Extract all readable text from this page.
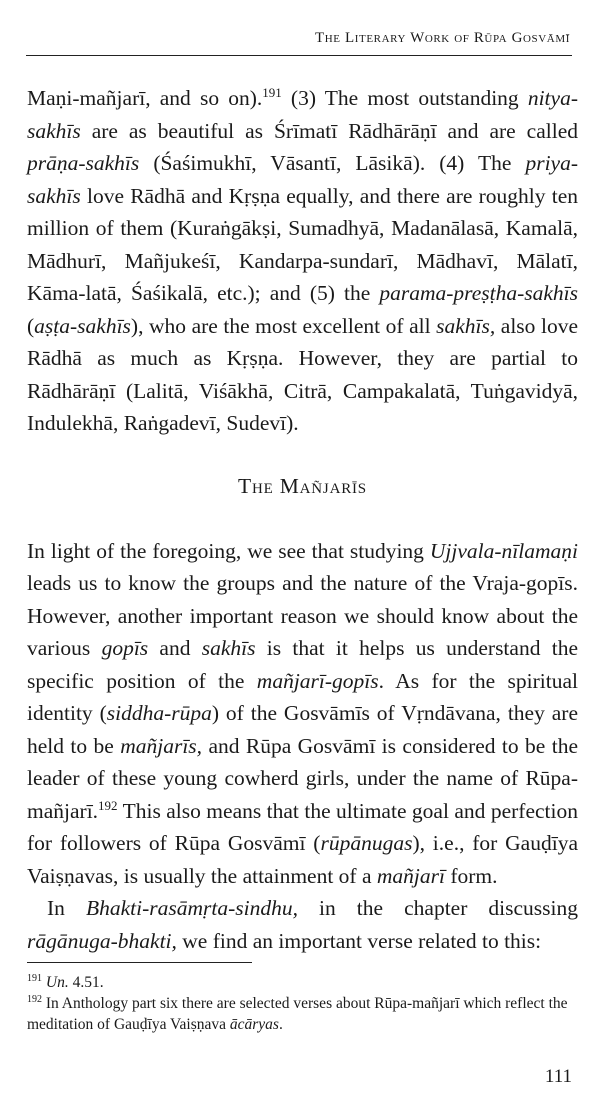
The Literary Work of Rūpa Gosvāmī

Maṇi-mañjarī, and so on).$^{191}$ (3) The most outstanding nitya-sakhīs are as beautiful as Śrīmatī Rādhārāṇī and are called prāṇa-sakhīs (Śaśimukhī, Vāsantī, Lāsikā). (4) The priya-sakhīs love Rādhā and Kṛṣṇa equally, and there are roughly ten million of them (Kuraṅgākṣi, Sumadhyā, Madanālasā, Kamalā, Mādhurī, Mañjukeśī, Kandarpa-sundarī, Mādhavī, Mālatī, Kāma-latā, Śaśikalā, etc.); and (5) the parama-preṣṭha-sakhīs (aṣṭa-sakhīs), who are the most excellent of all sakhīs, also love Rādhā as much as Kṛṣṇa. However, they are partial to Rādhārāṇī (Lalitā, Viśākhā, Citrā, Campakalatā, Tuṅgavidyā, Indulekhā, Raṅgadevī, Sudevī).

The Mañjarīs

In light of the foregoing, we see that studying Ujjvala-nīlamaṇi leads us to know the groups and the nature of the Vraja-gopīs. However, another important reason we should know about the various gopīs and sakhīs is that it helps us understand the specific position of the mañjarī-gopīs. As for the spiritual identity (siddha-rūpa) of the Gosvāmīs of Vṛndāvana, they are held to be mañjarīs, and Rūpa Gosvāmī is considered to be the leader of these young cowherd girls, under the name of Rūpa-mañjarī.$^{192}$ This also means that the ultimate goal and perfection for followers of Rūpa Gosvāmī (rūpānugas), i.e., for Gauḍīya Vaiṣṇavas, is usually the attainment of a mañjarī form.

In Bhakti-rasāmṛta-sindhu, in the chapter discussing rāgānuga-bhakti, we find an important verse related to this:

$^{191}$ Un. 4.51.

$^{192}$ In Anthology part six there are selected verses about Rūpa-mañjarī which reflect the meditation of Gauḍīya Vaiṣṇava ācāryas.

111
